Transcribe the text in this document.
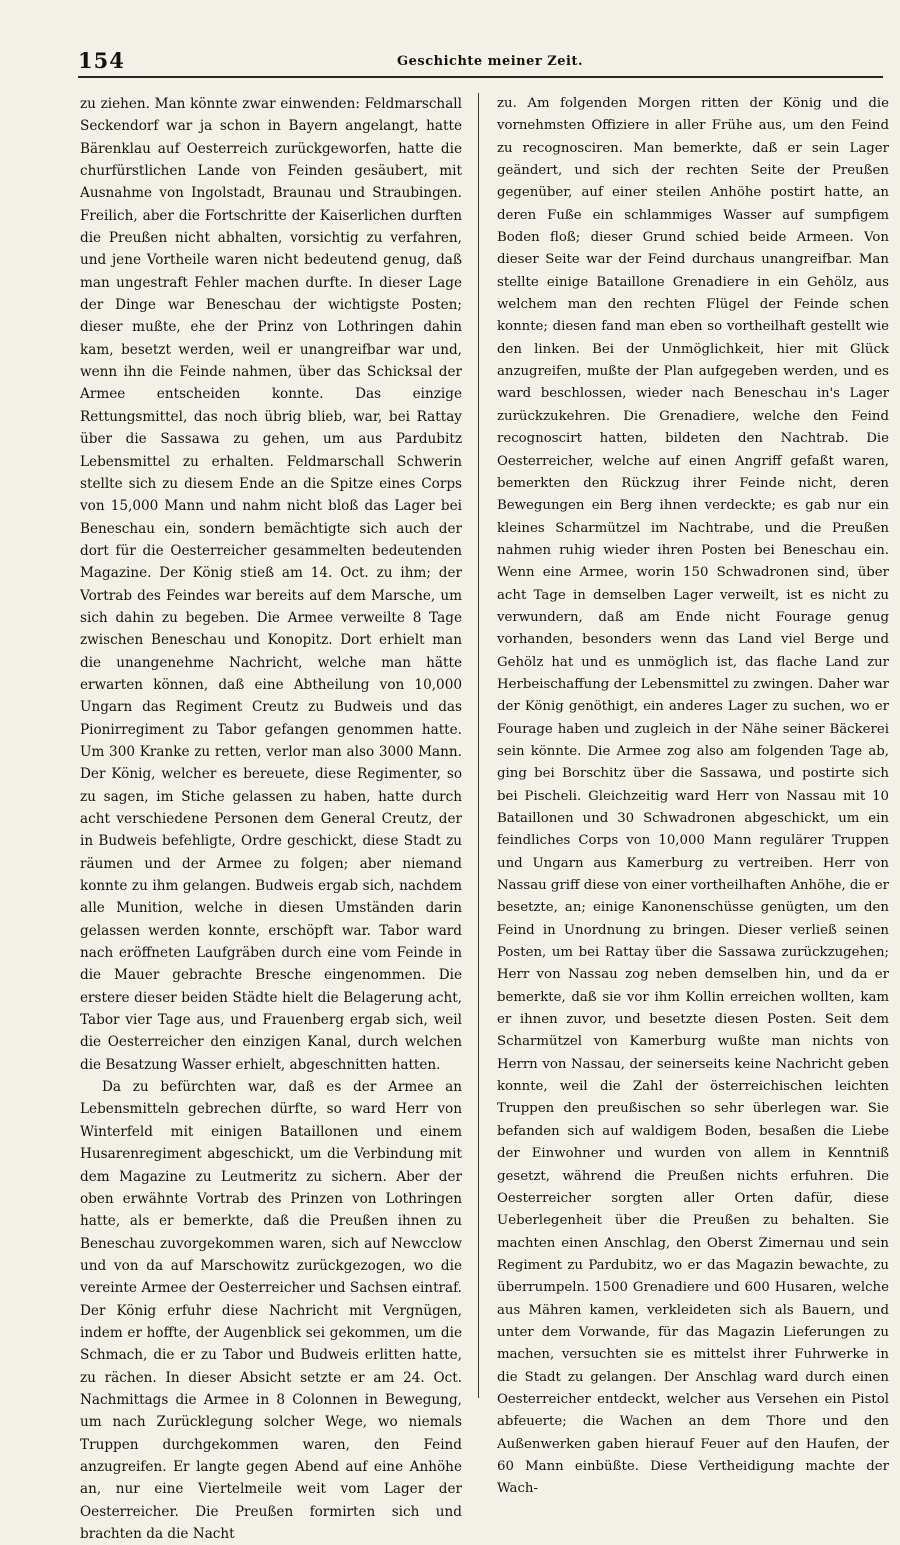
154	Geschichte meiner Zeit.

zu ziehen. Man könnte zwar einwenden: Feldmarschall Seckendorf war ja schon in Bayern angelangt, hatte Bärenklau auf Oesterreich zurückgeworfen, hatte die churfürstlichen Lande von Feinden gesäubert, mit Ausnahme von Ingolstadt, Braunau und Straubingen. Freilich, aber die Fortschritte der Kaiserlichen durften die Preußen nicht abhalten, vorsichtig zu verfahren, und jene Vortheile waren nicht bedeutend genug, daß man ungestraft Fehler machen durfte. In dieser Lage der Dinge war Beneschau der wichtigste Posten; dieser mußte, ehe der Prinz von Lothringen dahin kam, besetzt werden, weil er unangreifbar war und, wenn ihn die Feinde nahmen, über das Schicksal der Armee entscheiden konnte. Das einzige Rettungsmittel, das noch übrig blieb, war, bei Rattay über die Sassawa zu gehen, um aus Pardubitz Lebensmittel zu erhalten. Feldmarschall Schwerin stellte sich zu diesem Ende an die Spitze eines Corps von 15,000 Mann und nahm nicht bloß das Lager bei Beneschau ein, sondern bemächtigte sich auch der dort für die Oesterreicher gesammelten bedeutenden Magazine. Der König stieß am 14. Oct. zu ihm; der Vortrab des Feindes war bereits auf dem Marsche, um sich dahin zu begeben. Die Armee verweilte 8 Tage zwischen Beneschau und Konopitz. Dort erhielt man die unangenehme Nachricht, welche man hätte erwarten können, daß eine Abtheilung von 10,000 Ungarn das Regiment Creutz zu Budweis und das Pionirregiment zu Tabor gefangen genommen hatte. Um 300 Kranke zu retten, verlor man also 3000 Mann. Der König, welcher es bereuete, diese Regimenter, so zu sagen, im Stiche gelassen zu haben, hatte durch acht verschiedene Personen dem General Creutz, der in Budweis befehligte, Ordre geschickt, diese Stadt zu räumen und der Armee zu folgen; aber niemand konnte zu ihm gelangen. Budweis ergab sich, nachdem alle Munition, welche in diesen Umständen darin gelassen werden konnte, erschöpft war. Tabor ward nach eröffneten Laufgräben durch eine vom Feinde in die Mauer gebrachte Bresche eingenommen. Die erstere dieser beiden Städte hielt die Belagerung acht, Tabor vier Tage aus, und Frauenberg ergab sich, weil die Oesterreicher den einzigen Kanal, durch welchen die Besatzung Wasser erhielt, abgeschnitten hatten.

Da zu befürchten war, daß es der Armee an Lebensmitteln gebrechen dürfte, so ward Herr von Winterfeld mit einigen Bataillonen und einem Husarenregiment abgeschickt, um die Verbindung mit dem Magazine zu Leutmeritz zu sichern. Aber der oben erwähnte Vortrab des Prinzen von Lothringen hatte, als er bemerkte, daß die Preußen ihnen zu Beneschau zuvorgekommen waren, sich auf Newcclow und von da auf Marschowitz zurückgezogen, wo die vereinte Armee der Oesterreicher und Sachsen eintraf. Der König erfuhr diese Nachricht mit Vergnügen, indem er hoffte, der Augenblick sei gekommen, um die Schmach, die er zu Tabor und Budweis erlitten hatte, zu rächen. In dieser Absicht setzte er am 24. Oct. Nachmittags die Armee in 8 Colonnen in Bewegung, um nach Zurücklegung solcher Wege, wo niemals Truppen durchgekommen waren, den Feind anzugreifen. Er langte gegen Abend auf eine Anhöhe an, nur eine Viertelmeile weit vom Lager der Oesterreicher. Die Preußen formirten sich und brachten da die Nacht

zu. Am folgenden Morgen ritten der König und die vornehmsten Offiziere in aller Frühe aus, um den Feind zu recognosciren. Man bemerkte, daß er sein Lager geändert, und sich der rechten Seite der Preußen gegenüber, auf einer steilen Anhöhe postirt hatte, an deren Fuße ein schlammiges Wasser auf sumpfigem Boden floß; dieser Grund schied beide Armeen. Von dieser Seite war der Feind durchaus unangreifbar. Man stellte einige Bataillone Grenadiere in ein Gehölz, aus welchem man den rechten Flügel der Feinde schen konnte; diesen fand man eben so vortheilhaft gestellt wie den linken. Bei der Unmöglichkeit, hier mit Glück anzugreifen, mußte der Plan aufgegeben werden, und es ward beschlossen, wieder nach Beneschau in's Lager zurückzukehren. Die Grenadiere, welche den Feind recognoscirt hatten, bildeten den Nachtrab. Die Oesterreicher, welche auf einen Angriff gefaßt waren, bemerkten den Rückzug ihrer Feinde nicht, deren Bewegungen ein Berg ihnen verdeckte; es gab nur ein kleines Scharmützel im Nachtrabe, und die Preußen nahmen ruhig wieder ihren Posten bei Beneschau ein. Wenn eine Armee, worin 150 Schwadronen sind, über acht Tage in demselben Lager verweilt, ist es nicht zu verwundern, daß am Ende nicht Fourage genug vorhanden, besonders wenn das Land viel Berge und Gehölz hat und es unmöglich ist, das flache Land zur Herbeischaffung der Lebensmittel zu zwingen. Daher war der König genöthigt, ein anderes Lager zu suchen, wo er Fourage haben und zugleich in der Nähe seiner Bäckerei sein könnte. Die Armee zog also am folgenden Tage ab, ging bei Borschitz über die Sassawa, und postirte sich bei Pischeli. Gleichzeitig ward Herr von Nassau mit 10 Bataillonen und 30 Schwadronen abgeschickt, um ein feindliches Corps von 10,000 Mann regulärer Truppen und Ungarn aus Kamerburg zu vertreiben. Herr von Nassau griff diese von einer vortheilhaften Anhöhe, die er besetzte, an; einige Kanonenschüsse genügten, um den Feind in Unordnung zu bringen. Dieser verließ seinen Posten, um bei Rattay über die Sassawa zurückzugehen; Herr von Nassau zog neben demselben hin, und da er bemerkte, daß sie vor ihm Kollin erreichen wollten, kam er ihnen zuvor, und besetzte diesen Posten. Seit dem Scharmützel von Kamerburg wußte man nichts von Herrn von Nassau, der seinerseits keine Nachricht geben konnte, weil die Zahl der österreichischen leichten Truppen den preußischen so sehr überlegen war. Sie befanden sich auf waldigem Boden, besaßen die Liebe der Einwohner und wurden von allem in Kenntniß gesetzt, während die Preußen nichts erfuhren. Die Oesterreicher sorgten aller Orten dafür, diese Ueberlegenheit über die Preußen zu behalten. Sie machten einen Anschlag, den Oberst Zimernau und sein Regiment zu Pardubitz, wo er das Magazin bewachte, zu überrumpeln. 1500 Grenadiere und 600 Husaren, welche aus Mähren kamen, verkleideten sich als Bauern, und unter dem Vorwande, für das Magazin Lieferungen zu machen, versuchten sie es mittelst ihrer Fuhrwerke in die Stadt zu gelangen. Der Anschlag ward durch einen Oesterreicher entdeckt, welcher aus Versehen ein Pistol abfeuerte; die Wachen an dem Thore und den Außenwerken gaben hierauf Feuer auf den Haufen, der 60 Mann einbüßte. Diese Vertheidigung machte der Wach-
